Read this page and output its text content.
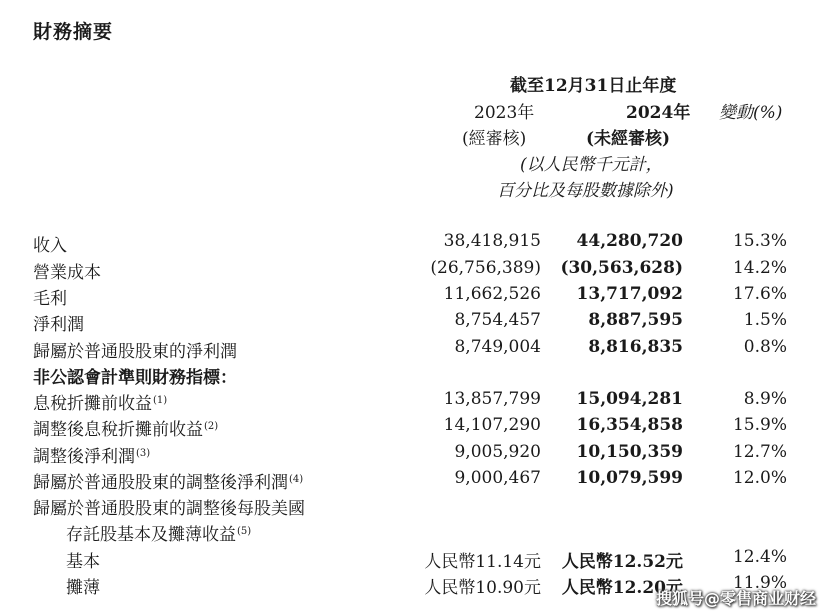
財務摘要
截至12月31日止年度
2023年	2024年 變動(%)
(經審核)	(未經審核)
(以人民幣千元計，
百分比及每股數據除外)
收入	38,418,915 44,280,720	15.3%
營業成本	(26,756,389) (30,563,628)	14.2%
毛利	11,662,526 13,717,092	17.6%
淨利潤	8,754,457	8,887,595	1.5%
歸屬於普通股股東的淨利潤	8,749,004	8,816,835	0.8%
非公認會計準則財務指標：
息稅折攤前收益$^{(1)}$	13,857,799 15,094,281	8.9%
調整後息稅折攤前收益$^{(2)}$	14,107,290 16,354,858	15.9%
調整後淨利潤$^{(3)}$	9,005,920 10,150,359	12.7%
歸屬於普通股股東的調整後淨利潤$^{(4)}$	9,000,467 10,079,599	12.0%
歸屬於普通股股東的調整後每股美國
存託股基本及攤薄收益$^{(5)}$
基本	人民幣11.14元 人民幣12.52元	12.4%
攤薄	人民幣10.90元 人民幣12.20元	11.9%
搜狐号@零售商业财经
